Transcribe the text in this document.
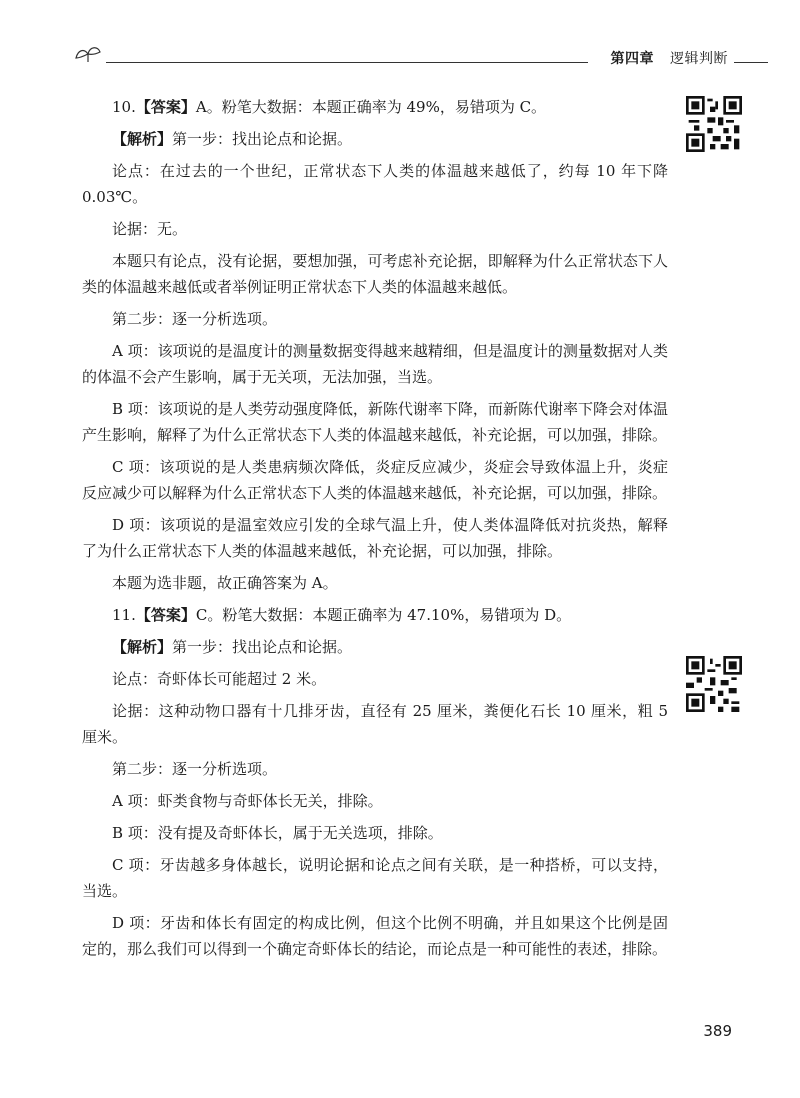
第四章 逻辑判断

10.【答案】A。粉笔大数据：本题正确率为 49%，易错项为 C。

【解析】第一步：找出论点和论据。

论点：在过去的一个世纪，正常状态下人类的体温越来越低了，约每 10 年下降 0.03℃。

论据：无。

本题只有论点，没有论据，要想加强，可考虑补充论据，即解释为什么正常状态下人类的体温越来越低或者举例证明正常状态下人类的体温越来越低。

第二步：逐一分析选项。

A 项：该项说的是温度计的测量数据变得越来越精细，但是温度计的测量数据对人类的体温不会产生影响，属于无关项，无法加强，当选。

B 项：该项说的是人类劳动强度降低，新陈代谢率下降，而新陈代谢率下降会对体温产生影响，解释了为什么正常状态下人类的体温越来越低，补充论据，可以加强，排除。

C 项：该项说的是人类患病频次降低，炎症反应减少，炎症会导致体温上升，炎症反应减少可以解释为什么正常状态下人类的体温越来越低，补充论据，可以加强，排除。

D 项：该项说的是温室效应引发的全球气温上升，使人类体温降低对抗炎热，解释了为什么正常状态下人类的体温越来越低，补充论据，可以加强，排除。

本题为选非题，故正确答案为 A。

11.【答案】C。粉笔大数据：本题正确率为 47.10%，易错项为 D。

【解析】第一步：找出论点和论据。

论点：奇虾体长可能超过 2 米。

论据：这种动物口器有十几排牙齿，直径有 25 厘米，粪便化石长 10 厘米，粗 5 厘米。

第二步：逐一分析选项。

A 项：虾类食物与奇虾体长无关，排除。

B 项：没有提及奇虾体长，属于无关选项，排除。

C 项：牙齿越多身体越长，说明论据和论点之间有关联，是一种搭桥，可以支持，当选。

D 项：牙齿和体长有固定的构成比例，但这个比例不明确，并且如果这个比例是固定的，那么我们可以得到一个确定奇虾体长的结论，而论点是一种可能性的表述，排除。

389
